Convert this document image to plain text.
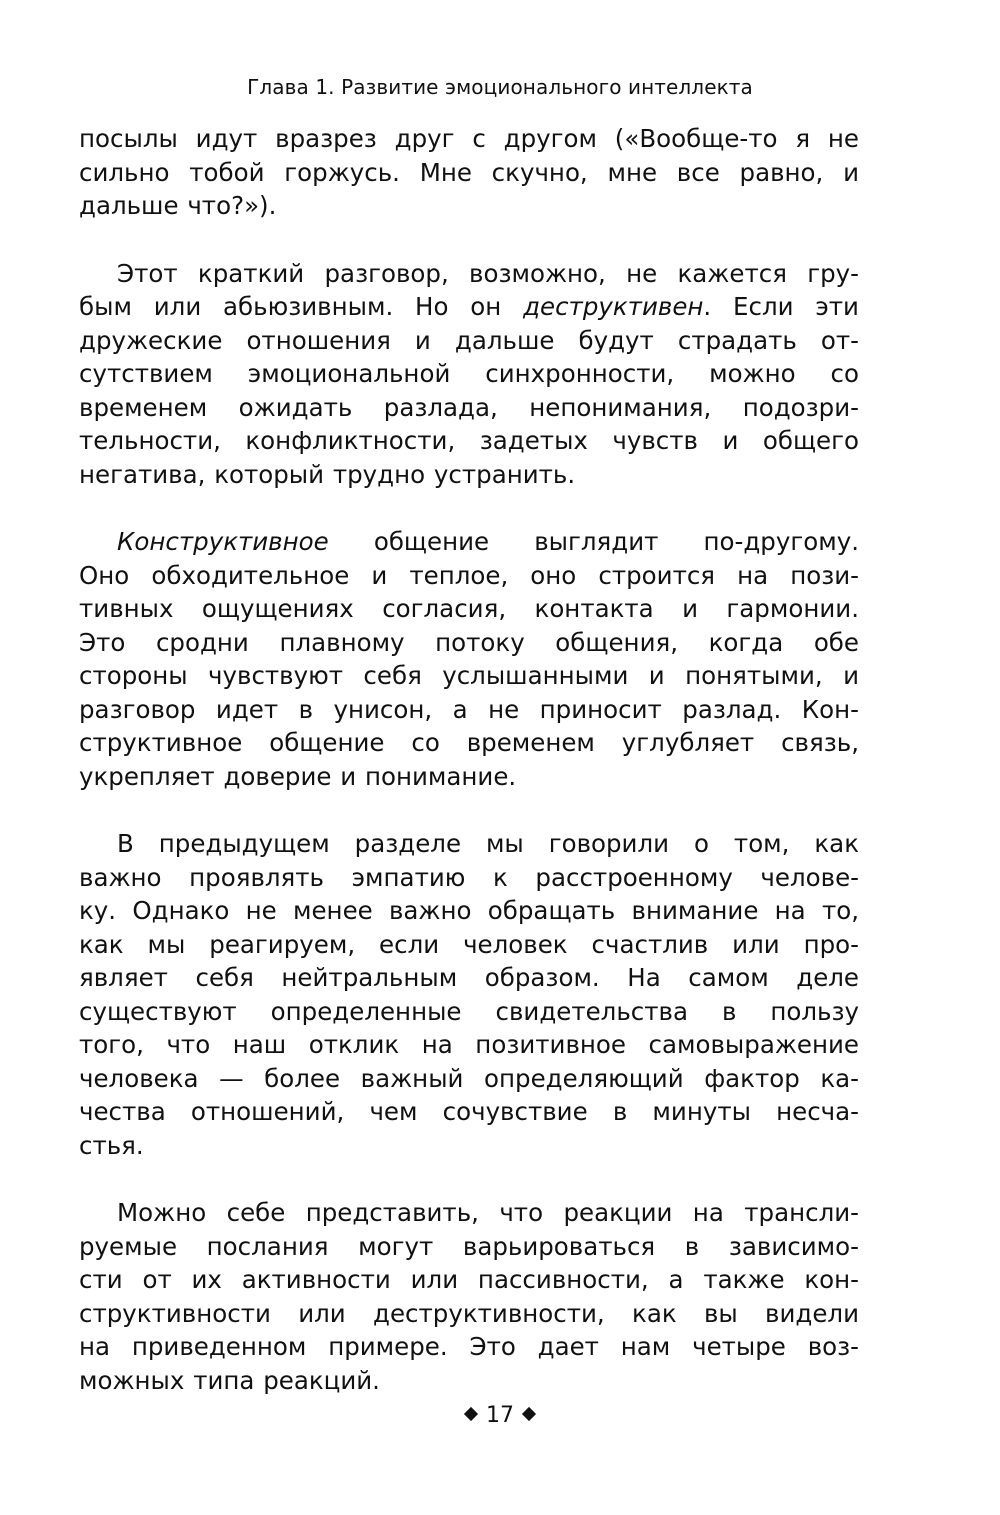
Глава 1. Развитие эмоционального интеллекта

посылы идут вразрез друг с другом («Вообще-то я не
сильно тобой горжусь. Мне скучно, мне все равно, и
дальше что?»).

Этот краткий разговор, возможно, не кажется гру-
бым или абьюзивным. Но он деструктивен. Если эти
дружеские отношения и дальше будут страдать от-
сутствием эмоциональной синхронности, можно со
временем ожидать разлада, непонимания, подозри-
тельности, конфликтности, задетых чувств и общего
негатива, который трудно устранить.

Конструктивное общение выглядит по-другому.
Оно обходительное и теплое, оно строится на пози-
тивных ощущениях согласия, контакта и гармонии.
Это сродни плавному потоку общения, когда обе
стороны чувствуют себя услышанными и понятыми, и
разговор идет в унисон, а не приносит разлад. Кон-
структивное общение со временем углубляет связь,
укрепляет доверие и понимание.

В предыдущем разделе мы говорили о том, как
важно проявлять эмпатию к расстроенному челове-
ку. Однако не менее важно обращать внимание на то,
как мы реагируем, если человек счастлив или про-
являет себя нейтральным образом. На самом деле
существуют определенные свидетельства в пользу
того, что наш отклик на позитивное самовыражение
человека — более важный определяющий фактор ка-
чества отношений, чем сочувствие в минуты несча-
стья.

Можно себе представить, что реакции на трансли-
руемые послания могут варьироваться в зависимо-
сти от их активности или пассивности, а также кон-
структивности или деструктивности, как вы видели
на приведенном примере. Это дает нам четыре воз-
можных типа реакций.

17
